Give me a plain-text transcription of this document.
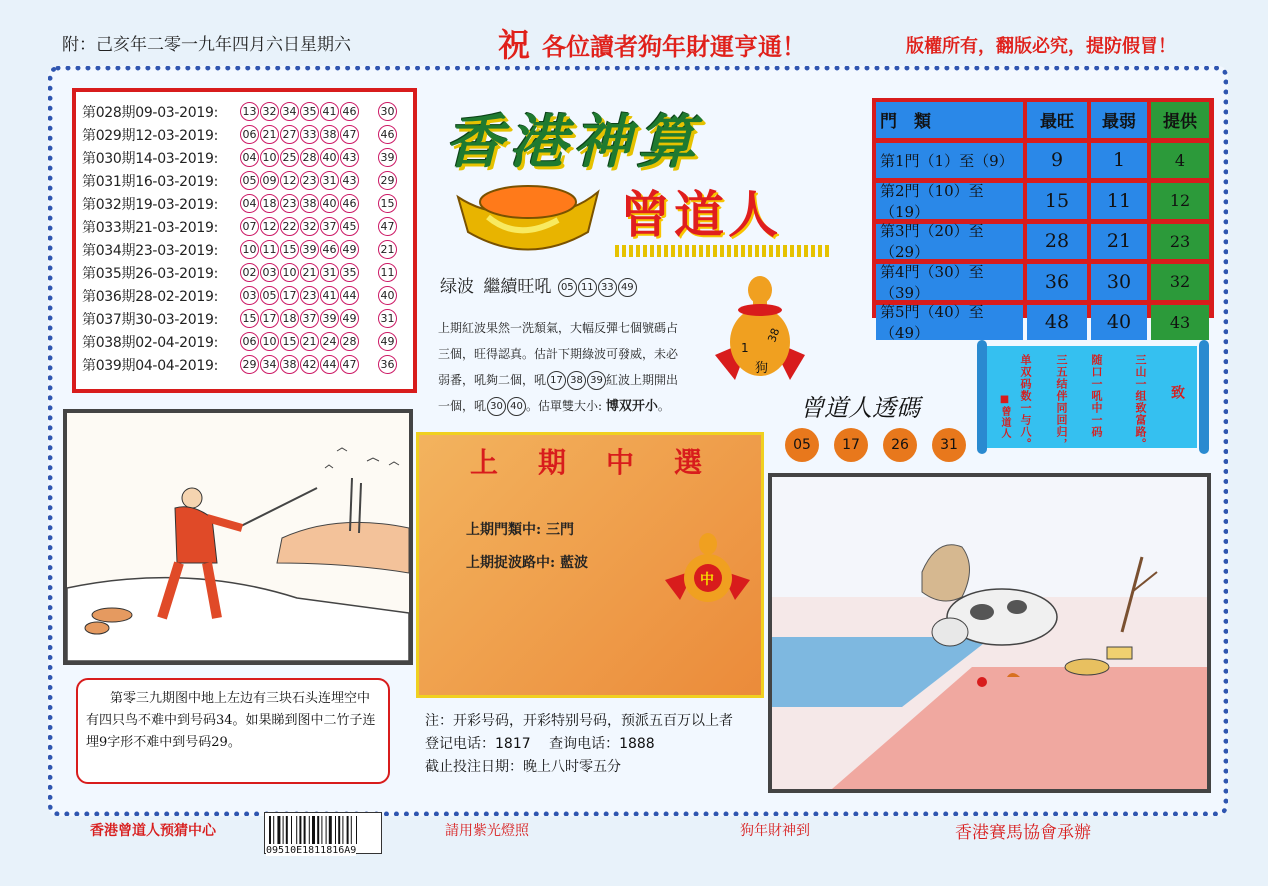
附：己亥年二零一九年四月六日星期六	祝 各位讀者狗年財運亨通！	版權所有，翻版必究，提防假冒！
第028期09-03-2019:	13 32 34 35 41 46 30
第029期12-03-2019:	06 21 27 33 38 47 46
第030期14-03-2019:	04 10 25 28 40 43 39
第031期16-03-2019:	05 09 12 23 31 43 29
第032期19-03-2019:	04 18 23 38 40 46 15
第033期21-03-2019:	07 12 22 32 37 45 47
第034期23-03-2019:	10 11 15 39 46 49 21
第035期26-03-2019:	02 03 10 21 31 35 11
第036期28-02-2019:	03 05 17 23 41 44 40
第037期30-03-2019:	15 17 18 37 39 49 31
第038期02-04-2019:	06 10 15 21 24 28 49
第039期04-04-2019:	29 34 38 42 44 47 36
香港神算
曾道人
绿波 繼續旺吼 05 11 33 49
上期紅波果然一洗頹氣，大幅反彈七個號碼占
三個，旺得認真。估計下期綠波可發威，未必
弱番，吼夠二個，吼 17 38 39 紅波上期開出
一個，吼 30 40 。估單雙大小: 博双开小。
門　類	最旺	最弱	提供
第1門（1）至（9）	9	1	4
第2門（10）至（19）	15	11	12
第3門（20）至（29）	28	21	23
第4門（30）至（39）	36	30	32
第5門（40）至（49）	48	40	43
1
38
狗
曾道人透碼
05	17	26	31
致
三山一组致富路。
随口一吼中一码
三五结伴同回归，
单双码数一与八。
■曾道人
第零三九期图中地上左边有三块石头连埋空中有四只鸟不难中到号码34。如果睇到图中二竹子连埋9字形不难中到号码29。
上期中選
上期門類中: 三門
上期捉波路中: 藍波
中
注：开彩号码，开彩特别号码，预派五百万以上者
登记电话：1817　 查询电话：1888
截止投注日期：晚上八时零五分
香港曾道人预猜中心
09510E1811816A9
請用紫光燈照	狗年財神到	香港賽馬協會承辦
